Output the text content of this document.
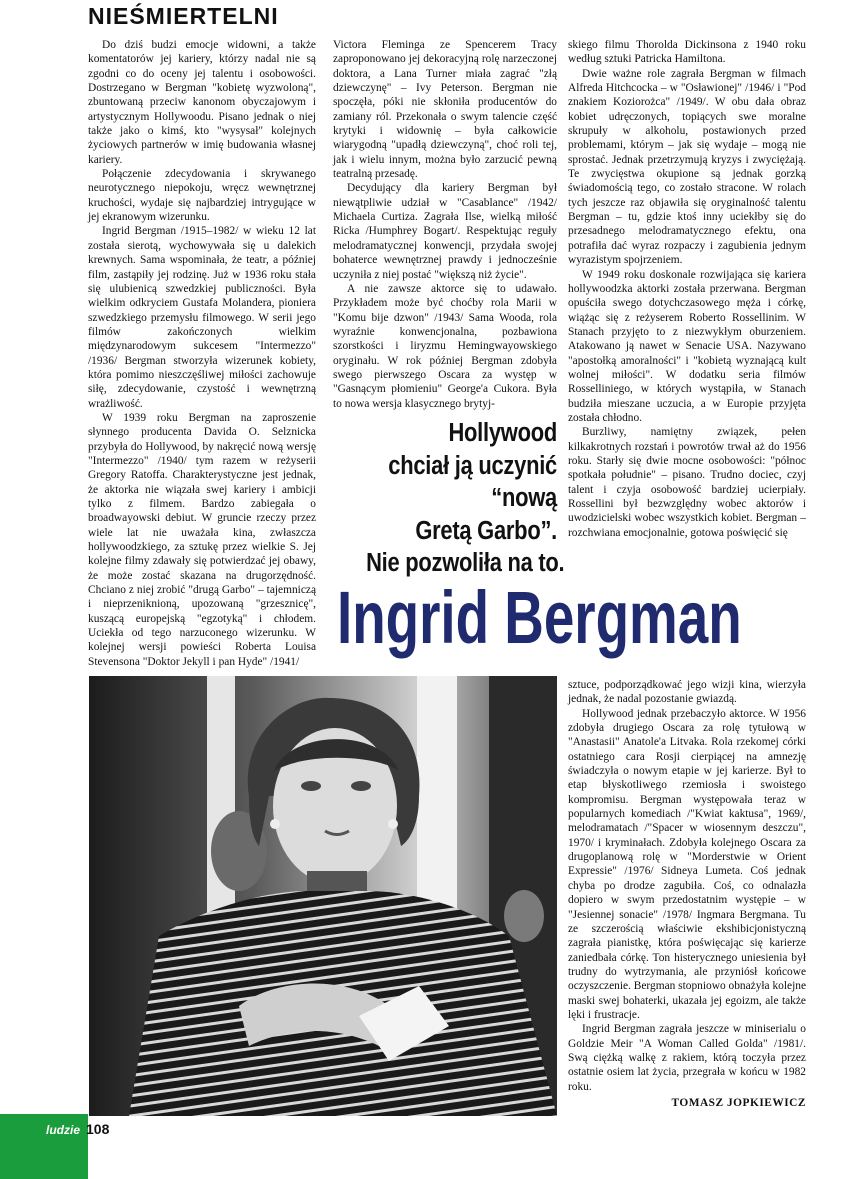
NIEŚMIERTELNI

Do dziś budzi emocje widowni, a także komentatorów jej kariery, którzy nadal nie są zgodni co do oceny jej talentu i osobowości. Dostrzegano w Bergman "kobietę wyzwoloną", zbuntowaną przeciw kanonom obyczajowym i artystycznym Hollywoodu. Pisano jednak o niej także jako o kimś, kto "wysysał" kolejnych życiowych partnerów w imię budowania własnej kariery.

Połączenie zdecydowania i skrywanego neurotycznego niepokoju, wręcz wewnętrznej kruchości, wydaje się najbardziej intrygujące w jej ekranowym wizerunku.

Ingrid Bergman /1915–1982/ w wieku 12 lat została sierotą, wychowywała się u dalekich krewnych. Sama wspominała, że teatr, a później film, zastąpiły jej rodzinę. Już w 1936 roku stała się ulubienicą szwedzkiej publiczności. Była wielkim odkryciem Gustafa Molandera, pioniera szwedzkiego przemysłu filmowego. W serii jego filmów zakończonych wielkim międzynarodowym sukcesem "Intermezzo" /1936/ Bergman stworzyła wizerunek kobiety, która pomimo nieszczęśliwej miłości zachowuje siłę, zdecydowanie, czystość i wewnętrzną wrażliwość.

W 1939 roku Bergman na zaproszenie słynnego producenta Davida O. Selznicka przybyła do Hollywood, by nakręcić nową wersję "Intermezzo" /1940/ tym razem w reżyserii Gregory Ratoffa. Charakterystyczne jest jednak, że aktorka nie wiązała swej kariery i ambicji tylko z filmem. Bardzo zabiegała o broadwayowski debiut. W gruncie rzeczy przez wiele lat nie uważała kina, zwłaszcza hollywoodzkiego, za sztukę przez wielkie S. Jej kolejne filmy zdawały się potwierdzać jej obawy, że może zostać skazana na drugorzędność. Chciano z niej zrobić "drugą Garbo" – tajemniczą i nieprzeniknioną, upozowaną "grzesznicę", kuszącą europejską "egzotyką" i chłodem. Uciekła od tego narzuconego wizerunku. W kolejnej wersji powieści Roberta Louisa Stevensona "Doktor Jekyll i pan Hyde" /1941/

Victora Fleminga ze Spencerem Tracy zaproponowano jej dekoracyjną rolę narzeczonej doktora, a Lana Turner miała zagrać "złą dziewczynę" – Ivy Peterson. Bergman nie spoczęła, póki nie skłoniła producentów do zamiany ról. Przekonała o swym talencie część krytyki i widownię – była całkowicie wiarygodną "upadłą dziewczyną", choć roli tej, jak i wielu innym, można było zarzucić pewną teatralną przesadę.

Decydujący dla kariery Bergman był niewątpliwie udział w "Casablance" /1942/ Michaela Curtiza. Zagrała Ilse, wielką miłość Ricka /Humphrey Bogart/. Respektując reguły melodramatycznej konwencji, przydała swojej bohaterce wewnętrznej prawdy i jednocześnie uczyniła z niej postać "większą niż życie".

A nie zawsze aktorce się to udawało. Przykładem może być choćby rola Marii w "Komu bije dzwon" /1943/ Sama Wooda, rola wyraźnie konwencjonalna, pozbawiona szorstkości i liryzmu Hemingwayowskiego oryginału. W rok później Bergman zdobyła swego pierwszego Oscara za występ w "Gasnącym płomieniu" George'a Cukora. Była to nowa wersja klasycznego brytyj-

skiego filmu Thorolda Dickinsona z 1940 roku według sztuki Patricka Hamiltona.

Dwie ważne role zagrała Bergman w filmach Alfreda Hitchcocka – w "Osławionej" /1946/ i "Pod znakiem Koziorożca" /1949/. W obu dała obraz kobiet udręczonych, topiących swe moralne skrupuły w alkoholu, postawionych przed problemami, którym – jak się wydaje – mogą nie sprostać. Jednak przetrzymują kryzys i zwyciężają. Te zwycięstwa okupione są jednak gorzką świadomością tego, co zostało stracone. W rolach tych jeszcze raz objawiła się oryginalność talentu Bergman – tu, gdzie ktoś inny uciekłby się do przesadnego melodramatycznego efektu, ona potrafiła dać wyraz rozpaczy i zagubienia jednym wyrazistym spojrzeniem.

W 1949 roku doskonale rozwijająca się kariera hollywoodzka aktorki została przerwana. Bergman opuściła swego dotychczasowego męża i córkę, wiążąc się z reżyserem Roberto Rossellinim. W Stanach przyjęto to z niezwykłym oburzeniem. Atakowano ją nawet w Senacie USA. Nazywano "apostołką amoralności" i "kobietą wyznającą kult wolnej miłości". W dodatku seria filmów Rosselliniego, w których wystąpiła, w Stanach budziła mieszane uczucia, a w Europie przyjęta została chłodno.

Burzliwy, namiętny związek, pełen kilkakrotnych rozstań i powrotów trwał aż do 1956 roku. Starły się dwie mocne osobowości: "północ spotkała południe" – pisano. Trudno dociec, czyj talent i czyja osobowość bardziej ucierpiały. Rossellini był bezwzględny wobec aktorów i uwodzicielski wobec wszystkich kobiet. Bergman – rozchwiana emocjonalnie, gotowa poświęcić się

Hollywood
chciał ją uczynić
“nową
Gretą Garbo”.
Nie pozwoliła na to.
Ingrid Bergman

sztuce, podporządkować jego wizji kina, wierzyła jednak, że nadal pozostanie gwiazdą.

Hollywood jednak przebaczyło aktorce. W 1956 zdobyła drugiego Oscara za rolę tytułową w "Anastasii" Anatole'a Litvaka. Rola rzekomej córki ostatniego cara Rosji cierpiącej na amnezję świadczyła o nowym etapie w jej karierze. Był to etap błyskotliwego rzemiosła i swoistego kompromisu. Bergman występowała teraz w popularnych komediach /"Kwiat kaktusa", 1969/, melodramatach /"Spacer w wiosennym deszczu", 1970/ i kryminałach. Zdobyła kolejnego Oscara za drugoplanową rolę w "Morderstwie w Orient Expressie" /1976/ Sidneya Lumeta. Coś jednak chyba po drodze zagubiła. Coś, co odnalazła dopiero w swym przedostatnim występie – w "Jesiennej sonacie" /1978/ Ingmara Bergmana. Tu ze szczerością właściwie ekshibicjonistyczną zagrała pianistkę, która poświęcając się karierze zaniedbała córkę. Ton histerycznego uniesienia był trudny do wytrzymania, ale przyniósł końcowe oczyszczenie. Bergman stopniowo obnażyła kolejne maski swej bohaterki, ukazała jej egoizm, ale także lęki i frustracje.

Ingrid Bergman zagrała jeszcze w miniserialu o Goldzie Meir "A Woman Called Golda" /1981/. Swą ciężką walkę z rakiem, którą toczyła przez ostatnie osiem lat życia, przegrała w końcu w 1982 roku.

TOMASZ JOPKIEWICZ

ludzie 108
